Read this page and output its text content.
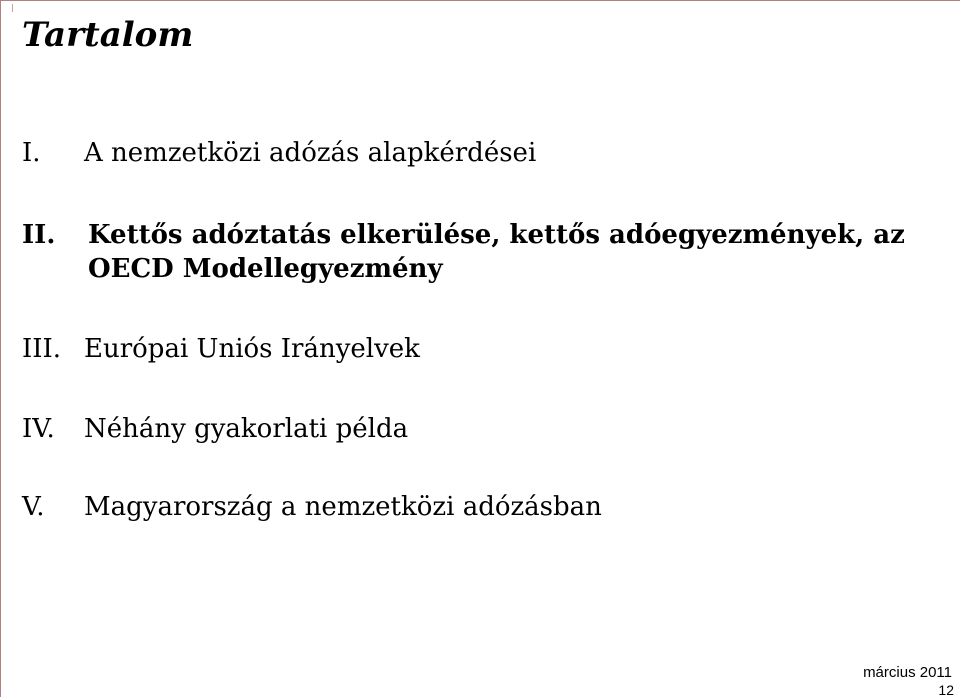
Tartalom
I.	A nemzetközi adózás alapkérdései
II.	Kettős adóztatás elkerülése, kettős adóegyezmények, az OECD Modellegyezmény
III. Európai Uniós Irányelvek
IV.	Néhány gyakorlati példa
V.	Magyarország a nemzetközi adózásban
március 2011
12
